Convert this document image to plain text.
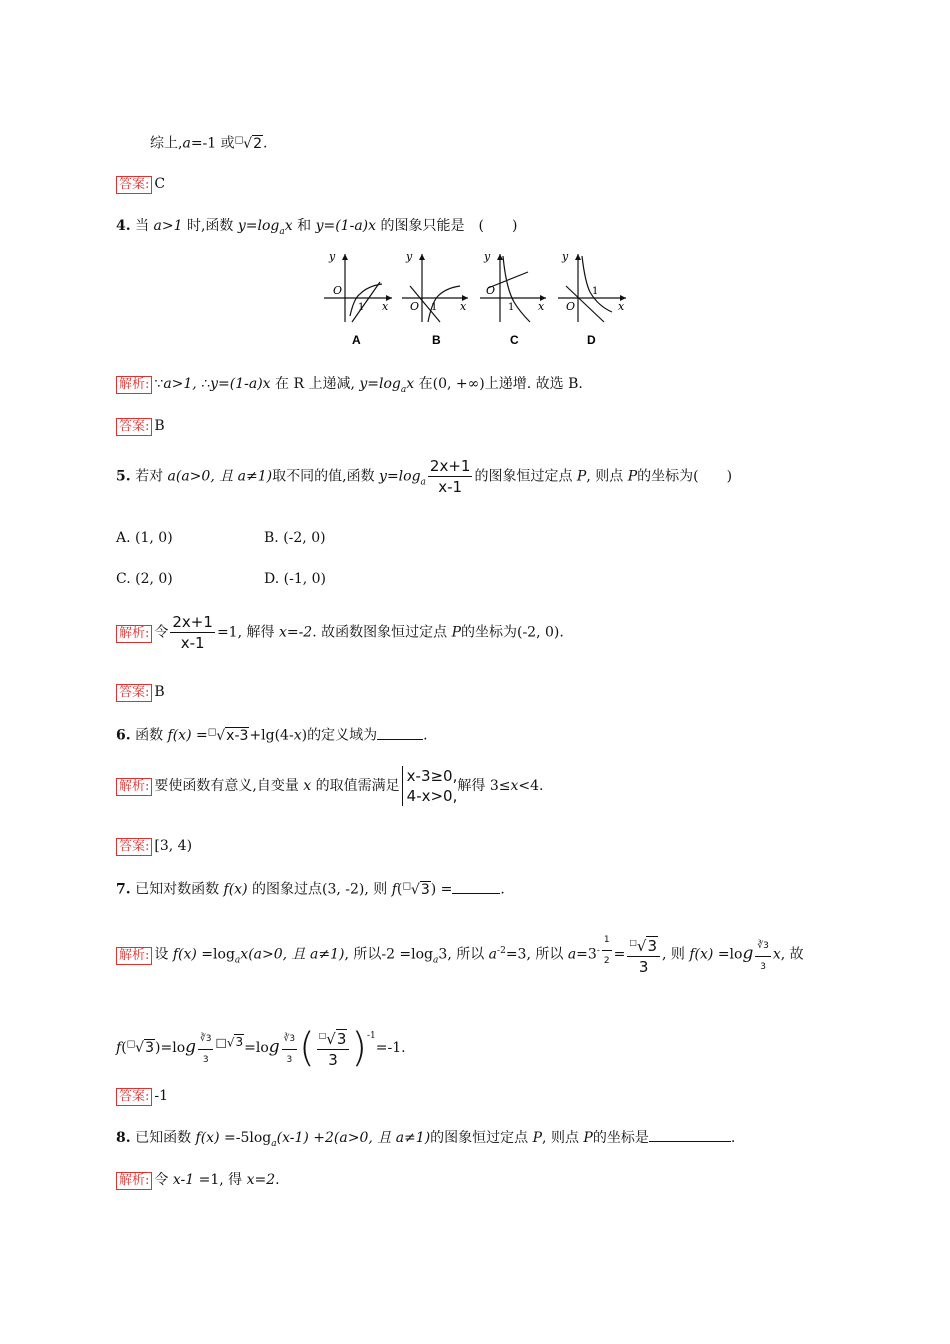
综上,a=-1 或□√2.
答案: C
4. 当 a>1 时,函数 $y=\log_ax$ 和 y=(1-a)x 的图象只能是　(　　)
y
x
O
1
A
y
x
O 1
B
y
x
O
1
C
y
x
O
1
D
解析: ∵a>1, ∴y=(1-a)x 在 R 上递减, $y=\log_ax$ 在(0, +∞)上递增. 故选 B.
答案: B
5. 若对 a(a>0, 且 a≠1)取不同的值,函数 $y=\log_a \frac{2x+1}{x-1}$ 的图象恒过定点 P, 则点 P的坐标为(　　)
A. (1, 0)	B. (-2, 0)
C. (2, 0)	D. (-1, 0)
解析: 令 $\frac{2x+1}{x-1} =1$, 解得 x=-2. 故函数图象恒过定点 P的坐标为(-2, 0).
答案: B
6. 函数 f(x) =□√x-3+lg(4-x)的定义域为	.
解析: 要使函数有意义,自变量 x 的取值需满足
x-3≥0,
4-x>0,
解得 3≤x<4.
答案: [3, 4)
7. 已知对数函数 f(x) 的图象过点(3, -2), 则 f(□√3) =	.
解析: 设 $f(x) =\log_ax(a>0$, 且 a≠1), 所以$-2 =\log_a3$, 所以 $a^{-2}=3$, 所以 $a=3^{- \frac{1}{2}} = \frac{^□√3}{3}$ , 则 $f(x) =\log \frac{∛3}{3} x$, 故
$f(^□√3)=\log \frac{∛3}{3} ^{□√3}=\log \frac{∛3}{3}$ ( $\frac{^□√3}{3} )^{-1}=-1$.
答案: -1
8. 已知函数 $f(x) =-5\log_a(x-1) +2(a>0$, 且 a≠1)的图象恒过定点 P, 则点 P的坐标是	.
解析: 令 x-1 =1, 得 x=2.
